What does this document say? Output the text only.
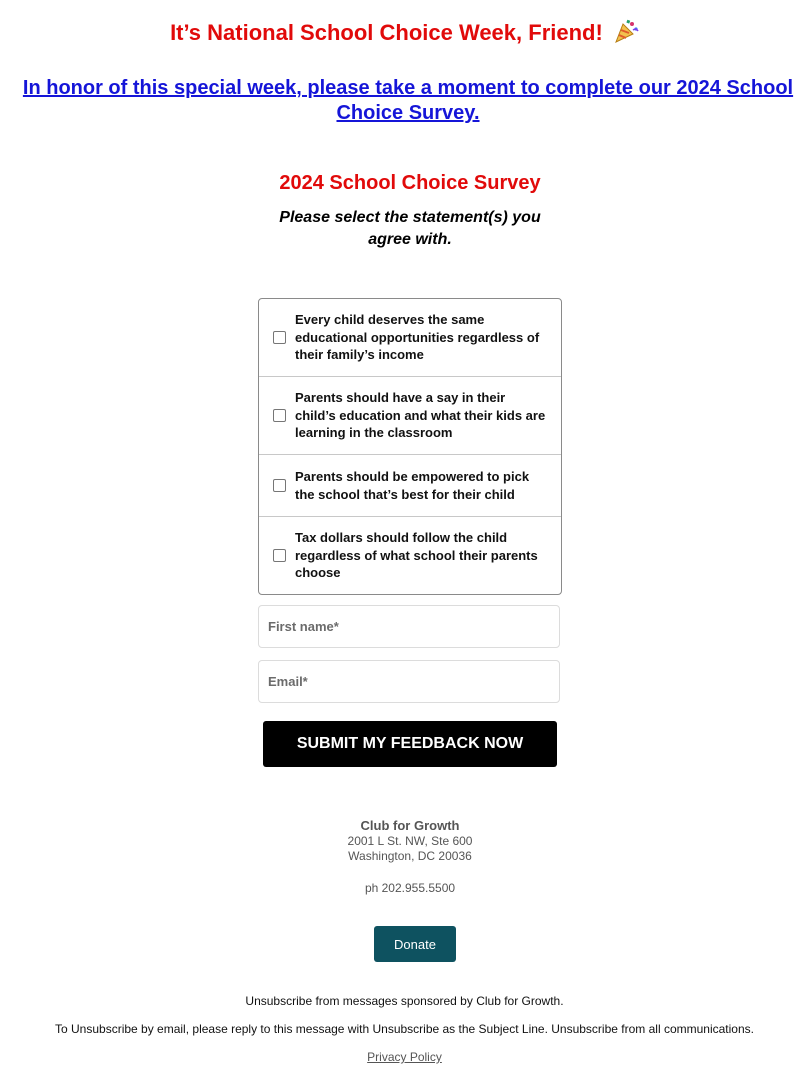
It’s National School Choice Week, Friend!
In honor of this special week, please take a moment to complete our 2024 School Choice Survey.
2024 School Choice Survey
Please select the statement(s) you agree with.
Every child deserves the same educational opportunities regardless of their family’s income
Parents should have a say in their child’s education and what their kids are learning in the classroom
Parents should be empowered to pick the school that’s best for their child
Tax dollars should follow the child regardless of what school their parents choose
First name*
Email*
SUBMIT MY FEEDBACK NOW
Club for Growth
2001 L St. NW, Ste 600
Washington, DC 20036
ph 202.955.5500
Donate
Unsubscribe from messages sponsored by Club for Growth.
To Unsubscribe by email, please reply to this message with Unsubscribe as the Subject Line. Unsubscribe from all communications.
Privacy Policy
